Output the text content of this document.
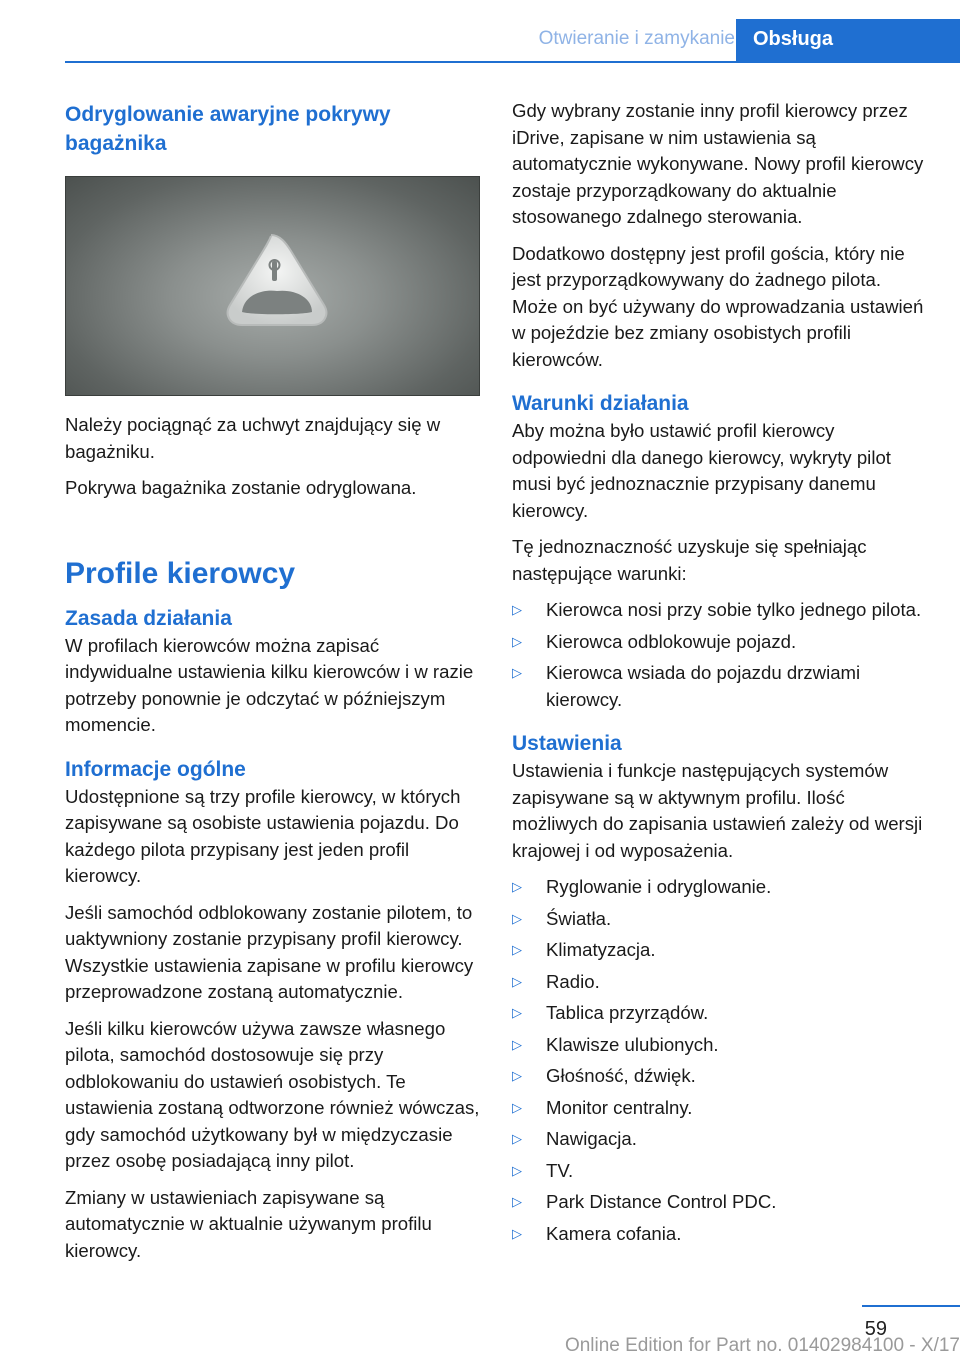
Otwieranie i zamykanie Obsługa
Odryglowanie awaryjne pokrywy bagażnika

Należy pociągnąć za uchwyt znajdujący się w bagażniku.

Pokrywa bagażnika zostanie odryglowana.

Profile kierowcy
Zasada działania

W profilach kierowców można zapisać indywidualne ustawienia kilku kierowców i w razie potrzeby ponownie je odczytać w późniejszym momencie.

Informacje ogólne

Udostępnione są trzy profile kierowcy, w których zapisywane są osobiste ustawienia pojazdu. Do każdego pilota przypisany jest jeden profil kierowcy.

Jeśli samochód odblokowany zostanie pilotem, to uaktywniony zostanie przypisany profil kierowcy. Wszystkie ustawienia zapisane w profilu kierowcy przeprowadzone zostaną automatycznie.

Jeśli kilku kierowców używa zawsze własnego pilota, samochód dostosowuje się przy odblokowaniu do ustawień osobistych. Te ustawienia zostaną odtworzone również wówczas, gdy samochód użytkowany był w międzyczasie przez osobę posiadającą inny pilot.

Zmiany w ustawieniach zapisywane są automatycznie w aktualnie używanym profilu kierowcy.

Gdy wybrany zostanie inny profil kierowcy przez iDrive, zapisane w nim ustawienia są automatycznie wykonywane. Nowy profil kierowcy zostaje przyporządkowany do aktualnie stosowanego zdalnego sterowania.

Dodatkowo dostępny jest profil gościa, który nie jest przyporządkowywany do żadnego pilota. Może on być używany do wprowadzania ustawień w pojeździe bez zmiany osobistych profili kierowców.

Warunki działania

Aby można było ustawić profil kierowcy odpowiedni dla danego kierowcy, wykryty pilot musi być jednoznacznie przypisany danemu kierowcy.

Tę jednoznaczność uzyskuje się spełniając następujące warunki:

▷ Kierowca nosi przy sobie tylko jednego pilota.
▷ Kierowca odblokowuje pojazd.
▷ Kierowca wsiada do pojazdu drzwiami kierowcy.
Ustawienia

Ustawienia i funkcje następujących systemów zapisywane są w aktywnym profilu. Ilość możliwych do zapisania ustawień zależy od wersji krajowej i od wyposażenia.

▷ Ryglowanie i odryglowanie.
▷ Światła.
▷ Klimatyzacja.
▷ Radio.
▷ Tablica przyrządów.
▷ Klawisze ulubionych.
▷ Głośność, dźwięk.
▷ Monitor centralny.
▷ Nawigacja.
▷ TV.
▷ Park Distance Control PDC.
▷ Kamera cofania.
59
Online Edition for Part no. 01402984100 - X/17
